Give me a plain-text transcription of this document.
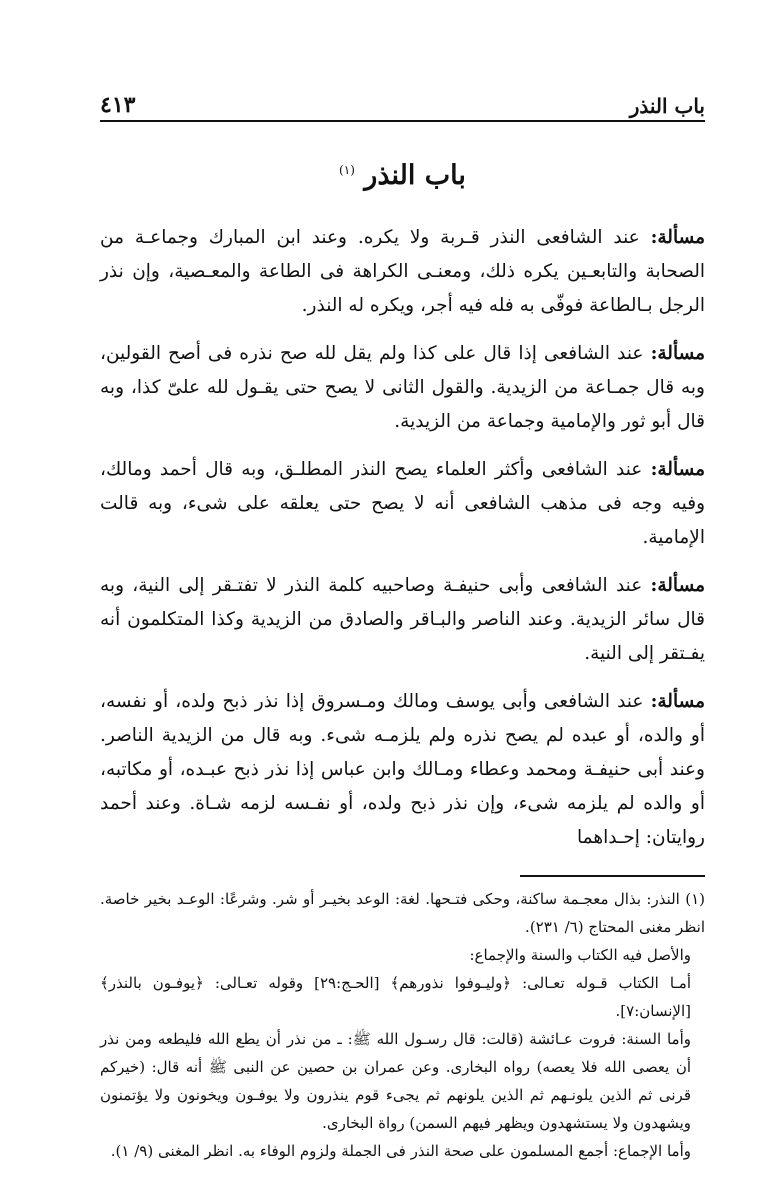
باب النذر
٤١٣
باب النذر $^{(١)}$

مسألة: عند الشافعى النذر قـربة ولا يكره. وعند ابن المبارك وجماعـة من الصحابة والتابعـين يكره ذلك، ومعنـى الكراهة فى الطاعة والمعـصية، وإن نذر الرجل بـالطاعة فوفّى به فله فيه أجر، ويكره له النذر.

مسألة: عند الشافعى إذا قال على كذا ولم يقل لله صح نذره فى أصح القولين، وبه قال جمـاعة من الزيدية. والقول الثانى لا يصح حتى يقـول لله علىّ كذا، وبه قال أبو ثور والإمامية وجماعة من الزيدية.

مسألة: عند الشافعى وأكثر العلماء يصح النذر المطلـق، وبه قال أحمد ومالك، وفيه وجه فى مذهب الشافعى أنه لا يصح حتى يعلقه على شىء، وبه قالت الإمامية.

مسألة: عند الشافعى وأبى حنيفـة وصاحبيه كلمة النذر لا تفتـقر إلى النية، وبه قال سائر الزيدية. وعند الناصر والبـاقر والصادق من الزيدية وكذا المتكلمون أنه يفـتقر إلى النية.

مسألة: عند الشافعى وأبى يوسف ومالك ومـسروق إذا نذر ذبح ولده، أو نفسه، أو والده، أو عبده لم يصح نذره ولم يلزمـه شىء. وبه قال من الزيدية الناصر. وعند أبى حنيفـة ومحمد وعطاء ومـالك وابن عباس إذا نذر ذبح عبـده، أو مكاتبه، أو والده لم يلزمه شىء، وإن نذر ذبح ولده، أو نفـسه لزمه شـاة. وعند أحمد روايتان: إحـداهما

(١) النذر: بذال معجـمة ساكنة، وحكى فتـحها. لغة: الوعد بخيـر أو شر. وشرعًا: الوعـد بخير خاصة. انظر مغنى المحتاج (٦/ ٢٣١).

والأصل فيه الكتاب والسنة والإجماع:

أمـا الكتاب قـوله تعـالى: ﴿وليـوفوا نذورهم﴾ [الحـج:٢٩] وقوله تعـالى: ﴿يوفـون بالنذر﴾ [الإنسان:٧].

وأما السنة: فروت عـائشة (قالت: قال رسـول الله ﷺ: ـ من نذر أن يطع الله فليطعه ومن نذر أن يعصى الله فلا يعصه) رواه البخارى. وعن عمران بن حصين عن النبى ﷺ أنه قال: (خيركم قرنى ثم الذين يلونـهم ثم الذين يلونهم ثم يجىء قوم ينذرون ولا يوفـون ويخونون ولا يؤتمنون ويشهدون ولا يستشهدون ويظهر فيهم السمن) رواة البخارى.

وأما الإجماع: أجمع المسلمون على صحة النذر فى الجملة ولزوم الوفاء به. انظر المغنى (٩/ ١).
